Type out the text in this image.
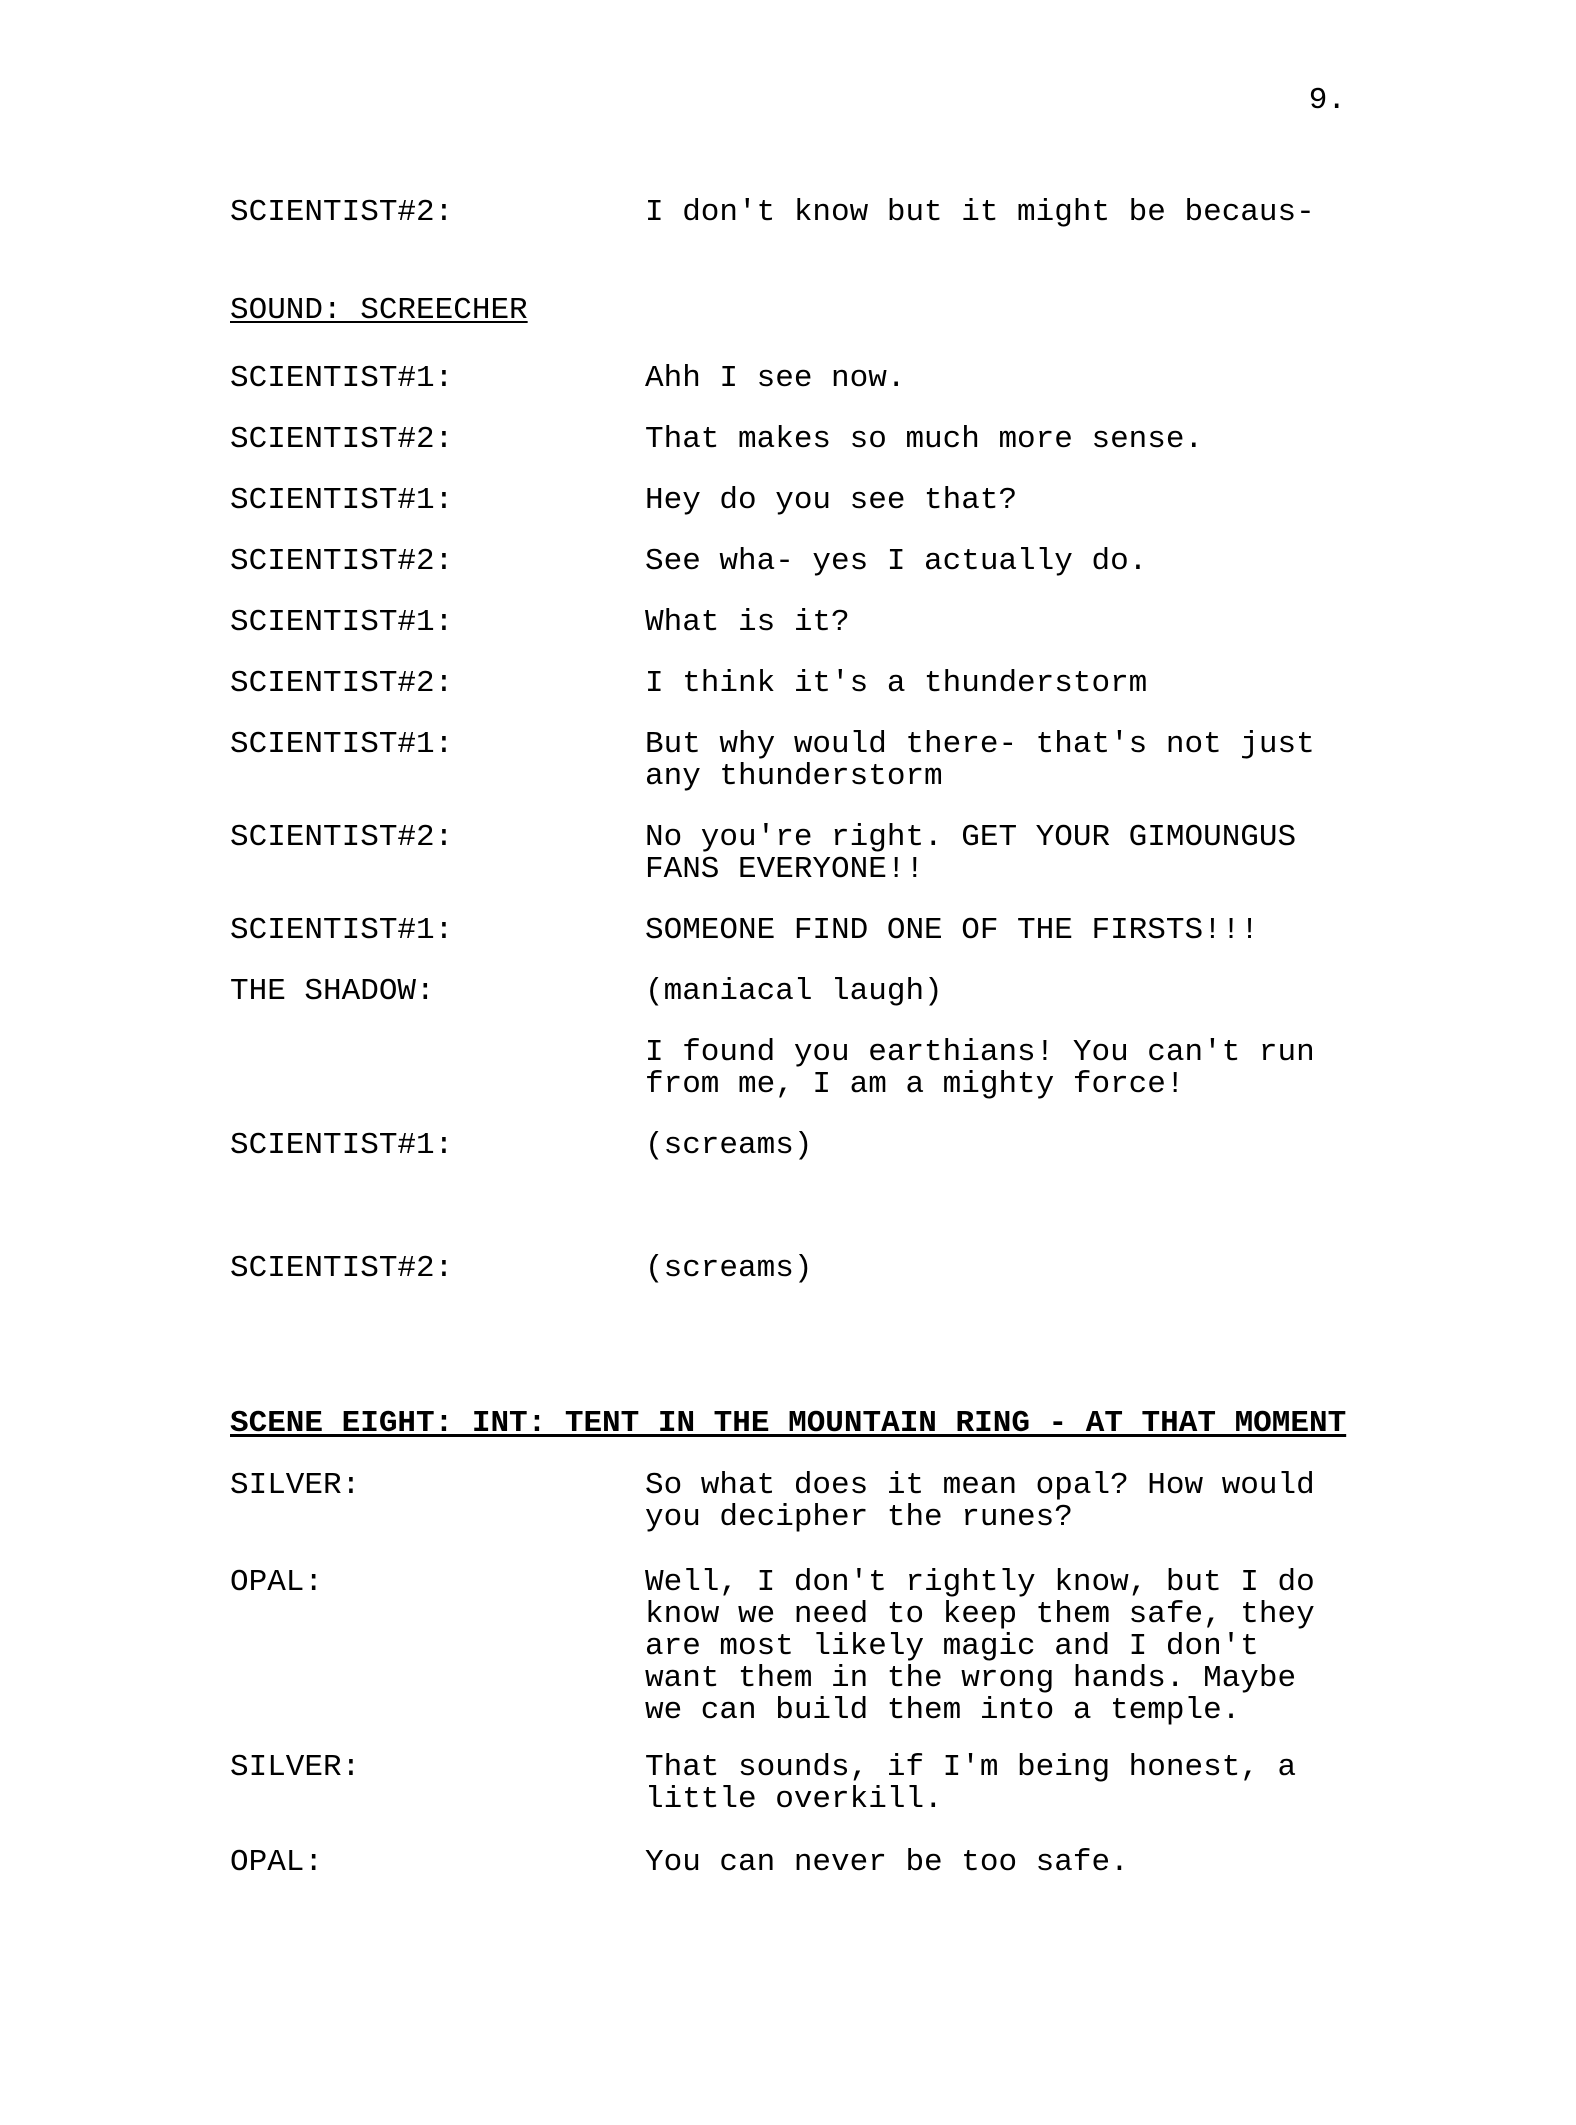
9.
SCIENTIST#2:	I don't know but it might be becaus-
SOUND: SCREECHER
SCIENTIST#1:	Ahh I see now.
SCIENTIST#2:	That makes so much more sense.
SCIENTIST#1:	Hey do you see that?
SCIENTIST#2:	See wha- yes I actually do.
SCIENTIST#1:	What is it?
SCIENTIST#2:	I think it's a thunderstorm
SCIENTIST#1:	But why would there- that's not just any thunderstorm
SCIENTIST#2:	No you're right. GET YOUR GIMOUNGUS FANS EVERYONE!!
SCIENTIST#1:	SOMEONE FIND ONE OF THE FIRSTS!!!
THE SHADOW:	(maniacal laugh)
I found you earthians! You can't run from me, I am a mighty force!
SCIENTIST#1:	(screams)
SCIENTIST#2:	(screams)
SCENE EIGHT: INT: TENT IN THE MOUNTAIN RING - AT THAT MOMENT
SILVER:	So what does it mean opal? How would you decipher the runes?
OPAL:	Well, I don't rightly know, but I do know we need to keep them safe, they are most likely magic and I don't want them in the wrong hands. Maybe we can build them into a temple.
SILVER:	That sounds, if I'm being honest, a little overkill.
OPAL:	You can never be too safe.
